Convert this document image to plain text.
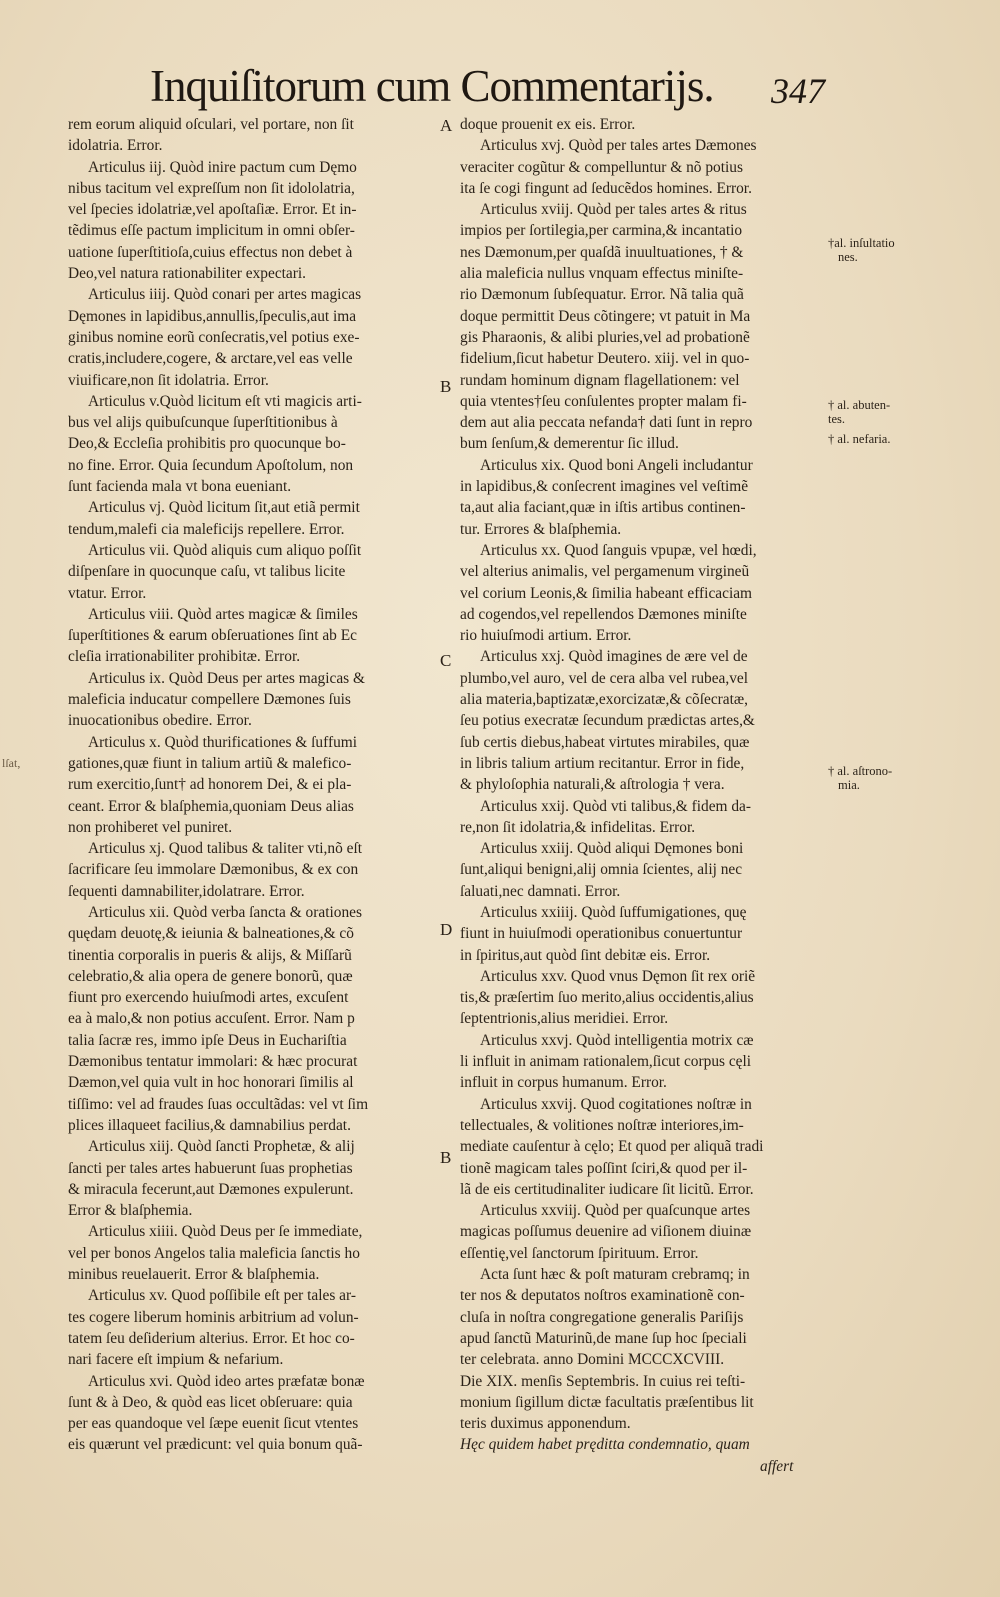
Inquiſitorum cum Commentarijs. 347
rem eorum aliquid oſculari, vel portare, non ſit
idolatria. Error.
Articulus iij. Quòd inire pactum cum Dęmo
nibus tacitum vel expreſſum non ſit idololatria,
vel ſpecies idolatriæ,vel apoſtaſiæ. Error. Et in-
tẽdimus eſſe pactum implicitum in omni obſer-
uatione ſuperſtitioſa,cuius effectus non debet à
Deo,vel natura rationabiliter expectari.
Articulus iiij. Quòd conari per artes magicas
Dęmones in lapidibus,annullis,ſpeculis,aut ima
ginibus nomine eorũ conſecratis,vel potius exe-
cratis,includere,cogere, & arctare,vel eas velle
viuificare,non ſit idolatria. Error.
Articulus v.Quòd licitum eſt vti magicis arti-
bus vel alijs quibuſcunque ſuperſtitionibus à
Deo,& Eccleſia prohibitis pro quocunque bo-
no fine. Error. Quia ſecundum Apoſtolum, non
ſunt facienda mala vt bona eueniant.
Articulus vj. Quòd licitum ſit,aut etiã permit
tendum,malefi cia maleficijs repellere. Error.
Articulus vii. Quòd aliquis cum aliquo poſſit
diſpenſare in quocunque caſu, vt talibus licite
vtatur. Error.
Articulus viii. Quòd artes magicæ & ſimiles
ſuperſtitiones & earum obſeruationes ſint ab Ec
cleſia irrationabiliter prohibitæ. Error.
Articulus ix. Quòd Deus per artes magicas &
maleficia inducatur compellere Dæmones ſuis
inuocationibus obedire. Error.
Articulus x. Quòd thurificationes & ſuffumi
gationes,quæ fiunt in talium artiũ & malefico-
rum exercitio,ſunt† ad honorem Dei, & ei pla-
ceant. Error & blaſphemia,quoniam Deus alias
non prohiberet vel puniret.
Articulus xj. Quod talibus & taliter vti,nõ eſt
ſacrificare ſeu immolare Dæmonibus, & ex con
ſequenti damnabiliter,idolatrare. Error.
Articulus xii. Quòd verba ſancta & orationes
quędam deuotę,& ieiunia & balneationes,& cõ
tinentia corporalis in pueris & alijs, & Miſſarũ
celebratio,& alia opera de genere bonorũ, quæ
fiunt pro exercendo huiuſmodi artes, excuſent
ea à malo,& non potius accuſent. Error. Nam p
talia ſacræ res, immo ipſe Deus in Euchariſtia
Dæmonibus tentatur immolari: & hæc procurat
Dæmon,vel quia vult in hoc honorari ſimilis al
tiſſimo: vel ad fraudes ſuas occultãdas: vel vt ſim
plices illaqueet facilius,& damnabilius perdat.
Articulus xiij. Quòd ſancti Prophetæ, & alij
ſancti per tales artes habuerunt ſuas prophetias
& miracula fecerunt,aut Dæmones expulerunt.
Error & blaſphemia.
Articulus xiiii. Quòd Deus per ſe immediate,
vel per bonos Angelos talia maleficia ſanctis ho
minibus reuelauerit. Error & blaſphemia.
Articulus xv. Quod poſſibile eſt per tales ar-
tes cogere liberum hominis arbitrium ad volun-
tatem ſeu deſiderium alterius. Error. Et hoc co-
nari facere eſt impium & nefarium.
Articulus xvi. Quòd ideo artes præfatæ bonæ
ſunt & à Deo, & quòd eas licet obſeruare: quia
per eas quandoque vel ſæpe euenit ſicut vtentes
eis quærunt vel prædicunt: vel quia bonum quã-
doque prouenit ex eis. Error.
Articulus xvj. Quòd per tales artes Dæmones
veraciter cogũtur & compelluntur & nõ potius
ita ſe cogi fingunt ad ſeducẽdos homines. Error.
Articulus xviij. Quòd per tales artes & ritus
impios per ſortilegia,per carmina,& incantatio
nes Dæmonum,per quaſdã inuultuationes, † &
alia maleficia nullus vnquam effectus miniſte-
rio Dæmonum ſubſequatur. Error. Nã talia quã
doque permittit Deus cõtingere; vt patuit in Ma
gis Pharaonis, & alibi pluries,vel ad probationẽ
fidelium,ſicut habetur Deutero. xiij. vel in quo-
rundam hominum dignam flagellationem: vel
quia vtentes†ſeu conſulentes propter malam fi-
dem aut alia peccata nefanda† dati ſunt in repro
bum ſenſum,& demerentur ſic illud.
Articulus xix. Quod boni Angeli includantur
in lapidibus,& conſecrent imagines vel veſtimẽ
ta,aut alia faciant,quæ in iſtis artibus continen-
tur. Errores & blaſphemia.
Articulus xx. Quod ſanguis vpupæ, vel hœdi,
vel alterius animalis, vel pergamenum virgineũ
vel corium Leonis,& ſimilia habeant efficaciam
ad cogendos,vel repellendos Dæmones miniſte
rio huiuſmodi artium. Error.
Articulus xxj. Quòd imagines de ære vel de
plumbo,vel auro, vel de cera alba vel rubea,vel
alia materia,baptizatæ,exorcizatæ,& cõſecratæ,
ſeu potius execratæ ſecundum prædictas artes,&
ſub certis diebus,habeat virtutes mirabiles, quæ
in libris talium artium recitantur. Error in fide,
& phyloſophia naturali,& aſtrologia † vera.
Articulus xxij. Quòd vti talibus,& fidem da-
re,non ſit idolatria,& infidelitas. Error.
Articulus xxiij. Quòd aliqui Dęmones boni
ſunt,aliqui benigni,alij omnia ſcientes, alij nec
ſaluati,nec damnati. Error.
Articulus xxiiij. Quòd ſuffumigationes, quę
fiunt in huiuſmodi operationibus conuertuntur
in ſpiritus,aut quòd ſint debitæ eis. Error.
Articulus xxv. Quod vnus Dęmon ſit rex oriẽ
tis,& præſertim ſuo merito,alius occidentis,alius
ſeptentrionis,alius meridiei. Error.
Articulus xxvj. Quòd intelligentia motrix cæ
li influit in animam rationalem,ſicut corpus cęli
influit in corpus humanum. Error.
Articulus xxvij. Quod cogitationes noſtræ in
tellectuales, & volitiones noſtræ interiores,im-
mediate cauſentur à cęlo; Et quod per aliquã tradi
tionẽ magicam tales poſſint ſciri,& quod per il-
lã de eis certitudinaliter iudicare ſit licitũ. Error.
Articulus xxviij. Quòd per quaſcunque artes
magicas poſſumus deuenire ad viſionem diuinæ
eſſentię,vel ſanctorum ſpirituum. Error.
Acta ſunt hæc & poſt maturam crebramq; in
ter nos & deputatos noſtros examinationẽ con-
cluſa in noſtra congregatione generalis Pariſijs
apud ſanctũ Maturinũ,de mane ſup hoc ſpeciali
ter celebrata. anno Domini MCCCXCVIII.
Die XIX. menſis Septembris. In cuius rei teſti-
monium ſigillum dictæ facultatis præſentibus lit
teris duximus apponendum.
Hęc quidem habet pręditta condemnatio, quam
affert
A
B
C
D
B
†al. inſultatio
nes.
† al. abuten-
tes.
† al. nefaria.
† al. aſtrono-
mia.
lſat,
